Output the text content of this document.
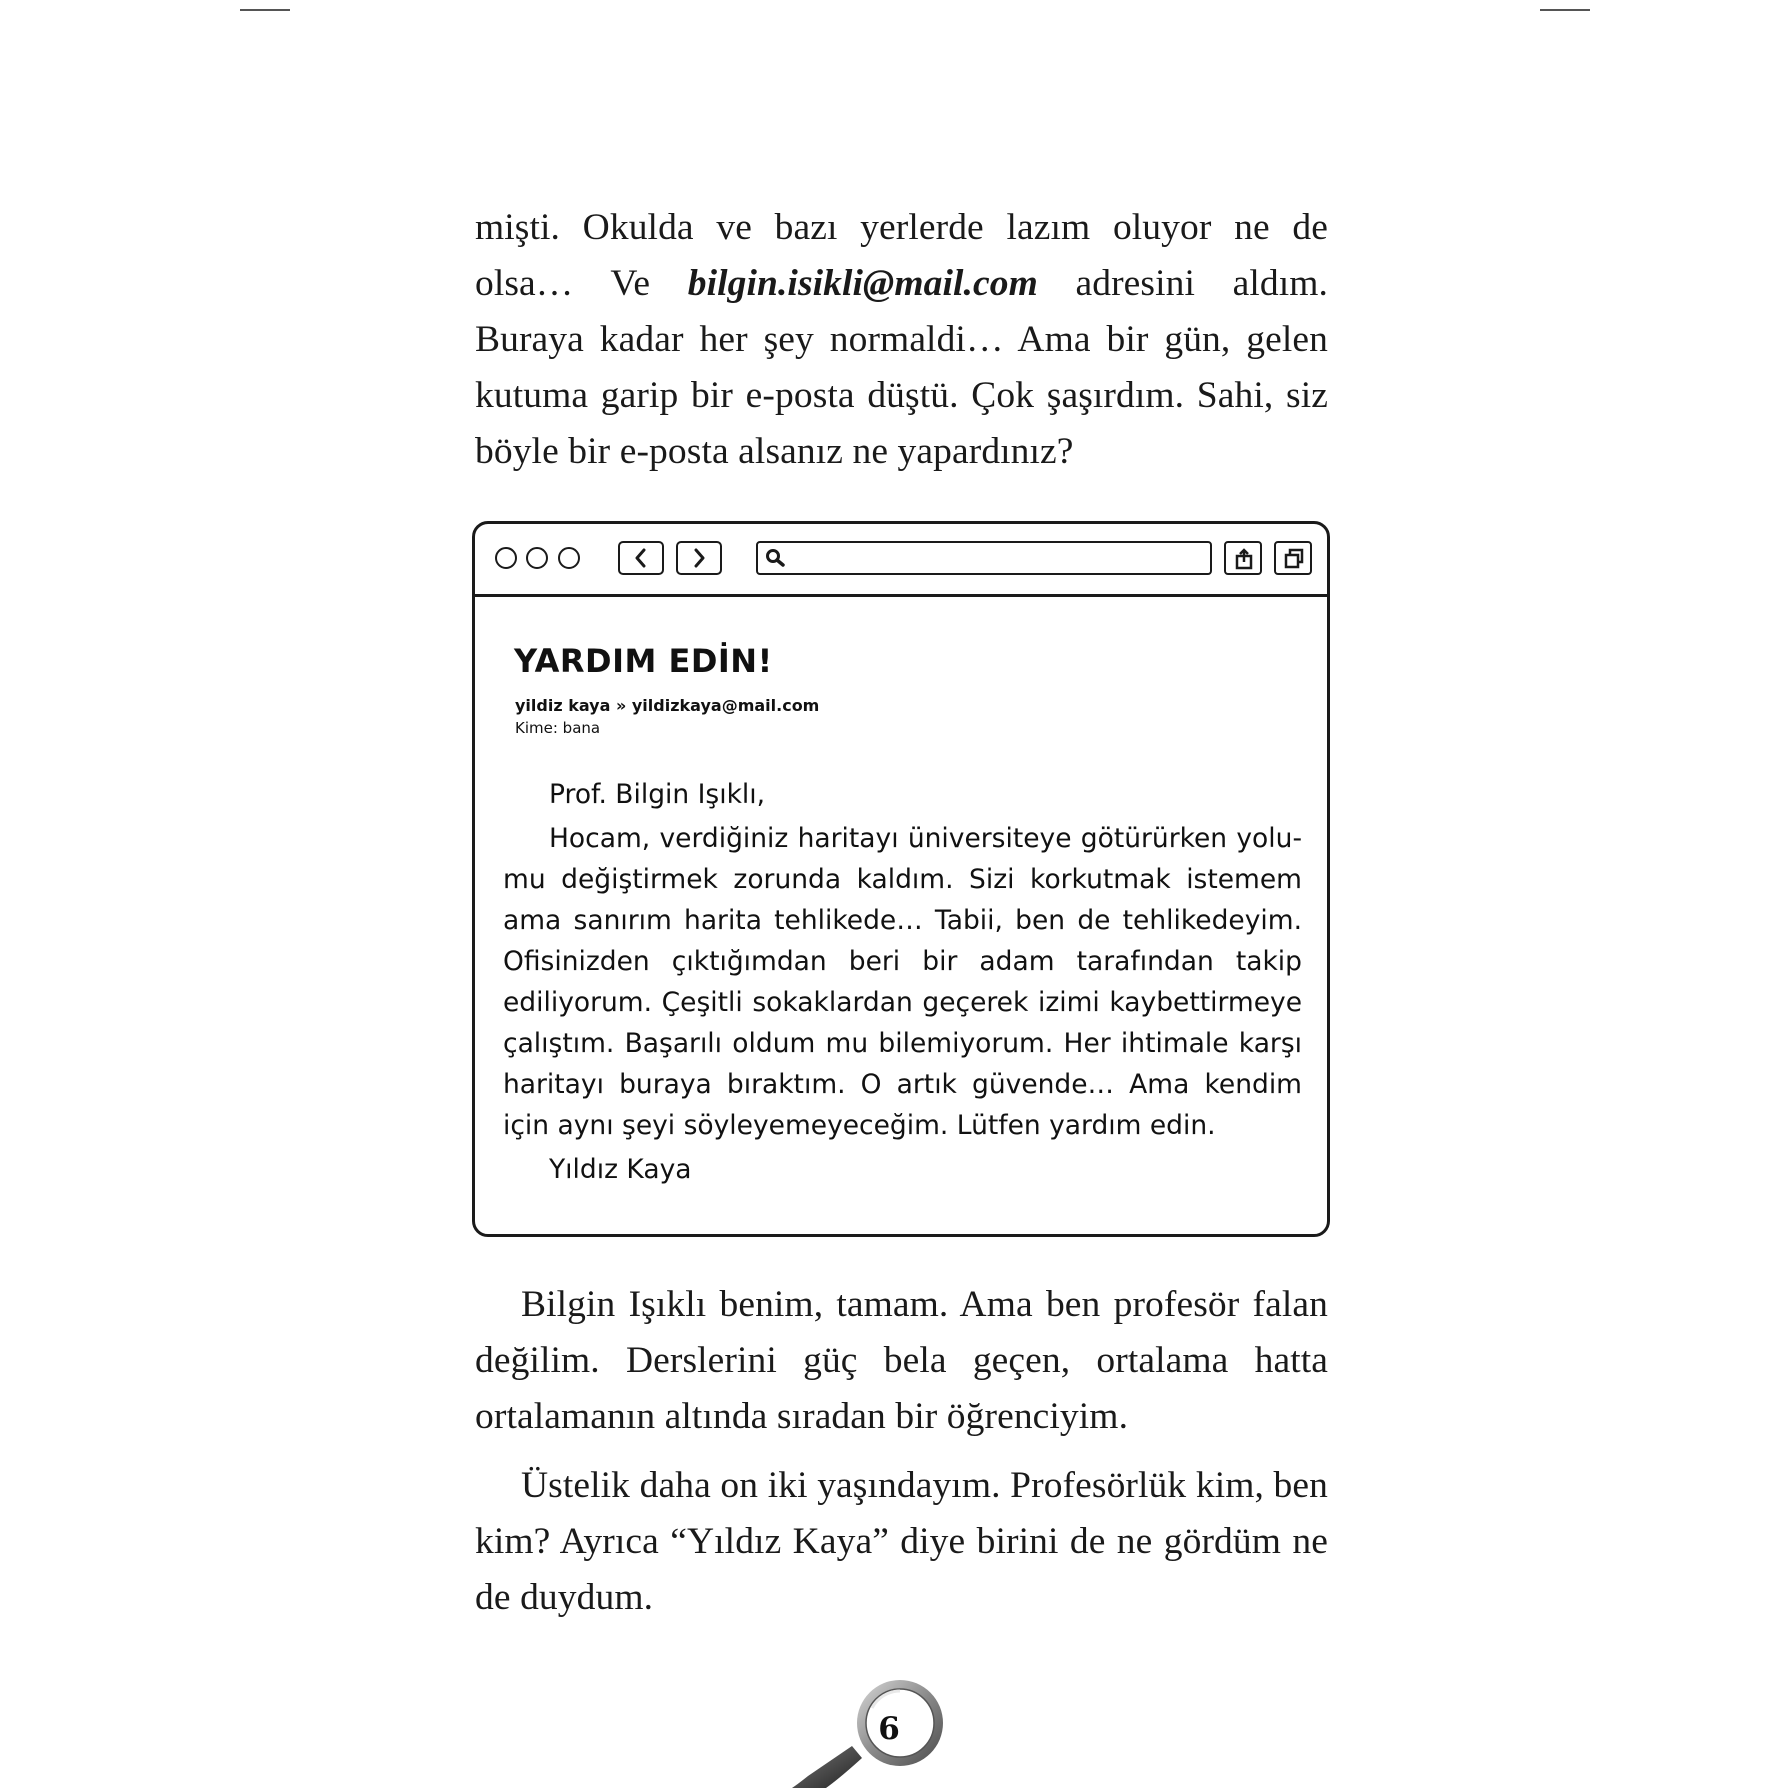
mişti. Okulda ve bazı yerlerde lazım oluyor ne de olsa… Ve bilgin.isikli@mail.com adresini aldım. Buraya kadar her şey normaldi… Ama bir gün, gelen kutuma garip bir e-posta düştü. Çok şaşırdım. Sahi, siz böyle bir e-posta alsanız ne yapardınız?

YARDIM EDİN!
yildiz kaya » yildizkaya@mail.com
Kime: bana

Prof. Bilgin Işıklı,

Hocam, verdiğiniz haritayı üniversiteye götürürken yolumu değiştirmek zorunda kaldım. Sizi korkutmak istemem ama sanırım harita tehlikede… Tabii, ben de tehlikedeyim. Ofisinizden çıktığımdan beri bir adam tarafından takip ediliyorum. Çeşitli sokaklardan geçerek izimi kaybettirmeye çalıştım. Başarılı oldum mu bilemiyorum. Her ihtimale karşı haritayı buraya bıraktım. O artık güvende… Ama kendim için aynı şeyi söyleyemeyeceğim. Lütfen yardım edin.

Yıldız Kaya

Bilgin Işıklı benim, tamam. Ama ben profesör falan değilim. Derslerini güç bela geçen, ortalama hatta ortalamanın altında sıradan bir öğrenciyim.

Üstelik daha on iki yaşındayım. Profesörlük kim, ben kim? Ayrıca “Yıldız Kaya” diye birini de ne gördüm ne de duydum.

6
